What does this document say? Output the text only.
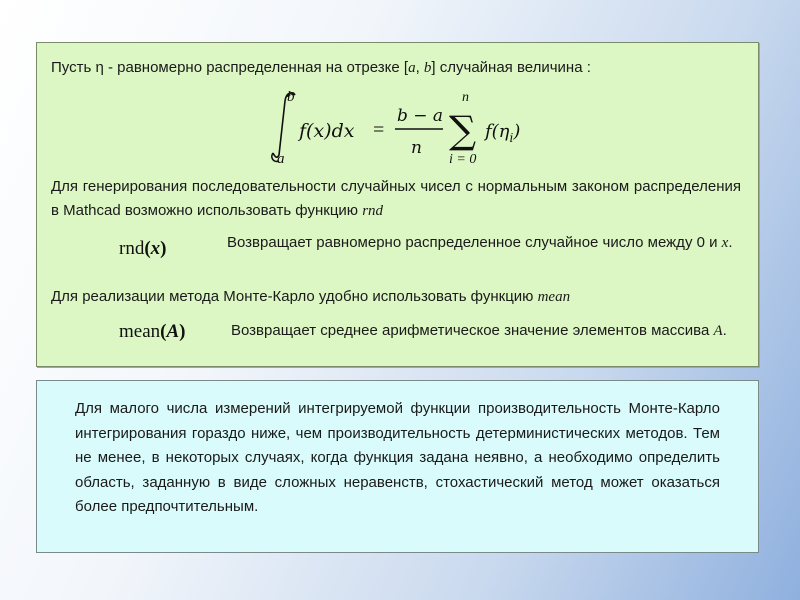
Пусть η - равномерно распределенная на отрезке [a, b] случайная величина :
b
a
f(x)dx =
b − a
n
n
∑
i = 0
$f(\eta_i)$
Для генерирования последовательности случайных чисел с нормальным законом распределения в Mathcad возможно использовать функцию rnd
rnd(x)	Возвращает равномерно распределенное случайное число между 0 и x.
Для реализации метода Монте-Карло удобно использовать функцию mean
mean(A)	Возвращает среднее арифметическое значение элементов массива A.
Для малого числа измерений интегрируемой функции производительность Монте-Карло интегрирования гораздо ниже, чем производительность детерминистических методов. Тем не менее, в некоторых случаях, когда функция задана неявно, а необходимо определить область, заданную в виде сложных неравенств, стохастический метод может оказаться более предпочтительным.
